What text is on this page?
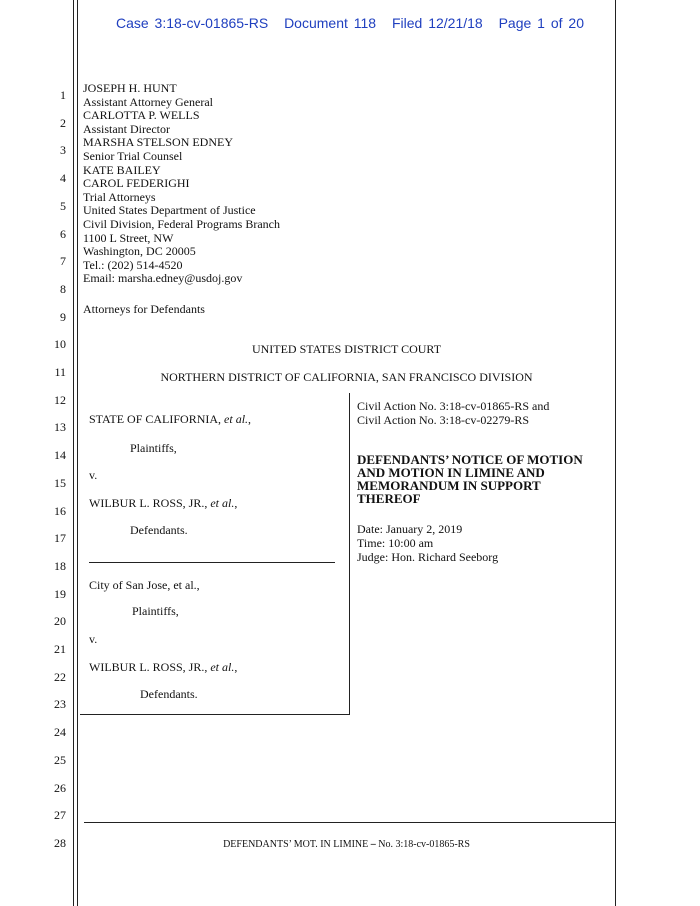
Case 3:18-cv-01865-RS Document 118 Filed 12/21/18 Page 1 of 20
1
2
3
4
5
6
7
8
9
10
11
12
13
14
15
16
17
18
19
20
21
22
23
24
25
26
27
28
JOSEPH H. HUNT
Assistant Attorney General
CARLOTTA P. WELLS
Assistant Director
MARSHA STELSON EDNEY
Senior Trial Counsel
KATE BAILEY
CAROL FEDERIGHI
Trial Attorneys
United States Department of Justice
Civil Division, Federal Programs Branch
1100 L Street, NW
Washington, DC 20005
Tel.: (202) 514-4520
Email: marsha.edney@usdoj.gov
Attorneys for Defendants
UNITED STATES DISTRICT COURT
NORTHERN DISTRICT OF CALIFORNIA, SAN FRANCISCO DIVISION
STATE OF CALIFORNIA, et al.,
Plaintiffs,
v.
WILBUR L. ROSS, JR., et al.,
Defendants.
City of San Jose, et al.,
Plaintiffs,
v.
WILBUR L. ROSS, JR., et al.,
Defendants.
Civil Action No. 3:18-cv-01865-RS and
Civil Action No. 3:18-cv-02279-RS
DEFENDANTS’ NOTICE OF MOTION
AND MOTION IN LIMINE AND
MEMORANDUM IN SUPPORT
THEREOF
Date: January 2, 2019
Time: 10:00 am
Judge: Hon. Richard Seeborg
DEFENDANTS’ MOT. IN LIMINE – No. 3:18-cv-01865-RS
